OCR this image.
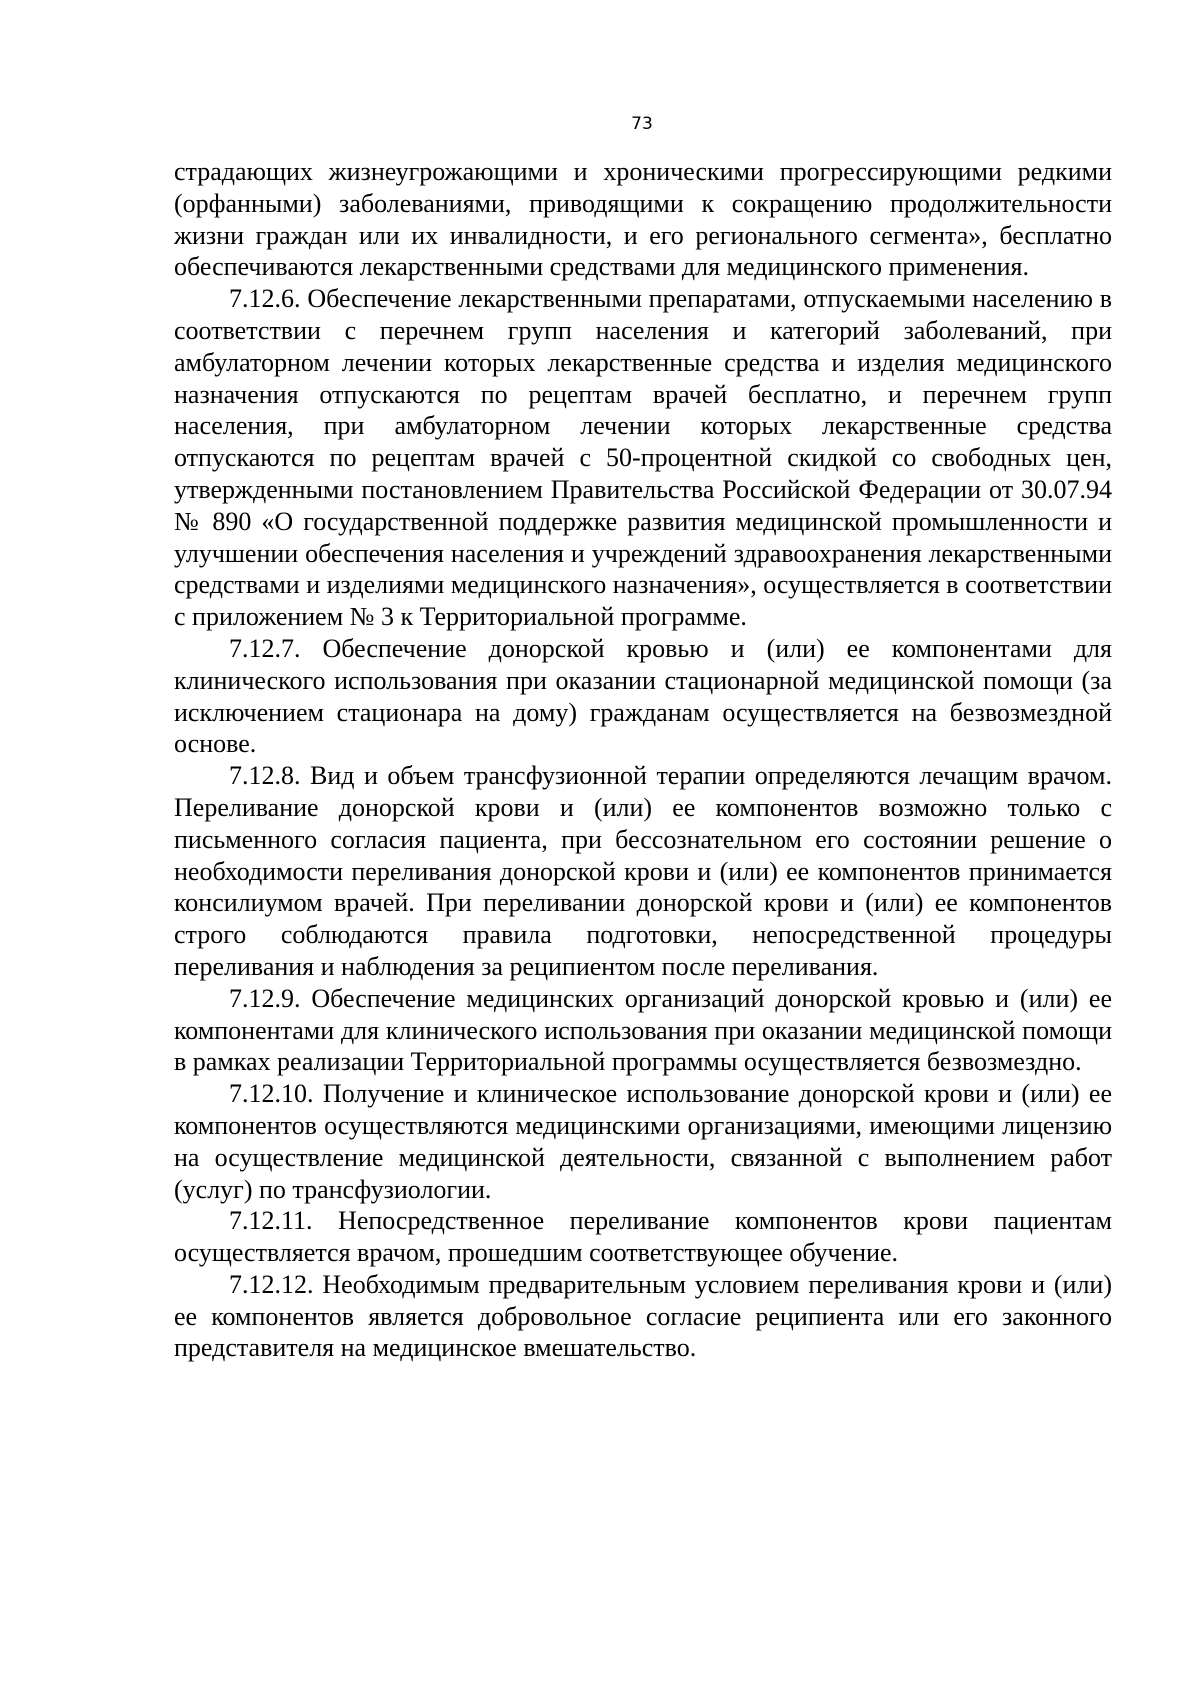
73

страдающих жизнеугрожающими и хроническими прогрессирующими редкими (орфанными) заболеваниями, приводящими к сокращению продолжительности жизни граждан или их инвалидности, и его регионального сегмента», бесплатно обеспечиваются лекарственными средствами для медицинского применения.

7.12.6. Обеспечение лекарственными препаратами, отпускаемыми населению в соответствии с перечнем групп населения и категорий заболеваний, при амбулаторном лечении которых лекарственные средства и изделия медицинского назначения отпускаются по рецептам врачей бесплатно, и перечнем групп населения, при амбулаторном лечении которых лекарственные средства отпускаются по рецептам врачей с 50-процентной скидкой со свободных цен, утвержденными постановлением Правительства Российской Федерации от 30.07.94 № 890 «О государственной поддержке развития медицинской промышленности и улучшении обеспечения населения и учреждений здравоохранения лекарственными средствами и изделиями медицинского назначения», осуществляется в соответствии с приложением № 3 к Территориальной программе.

7.12.7. Обеспечение донорской кровью и (или) ее компонентами для клинического использования при оказании стационарной медицинской помощи (за исключением стационара на дому) гражданам осуществляется на безвозмездной основе.

7.12.8. Вид и объем трансфузионной терапии определяются лечащим врачом. Переливание донорской крови и (или) ее компонентов возможно только с письменного согласия пациента, при бессознательном его состоянии решение о необходимости переливания донорской крови и (или) ее компонентов принимается консилиумом врачей. При переливании донорской крови и (или) ее компонентов строго соблюдаются правила подготовки, непосредственной процедуры переливания и наблюдения за реципиентом после переливания.

7.12.9. Обеспечение медицинских организаций донорской кровью и (или) ее компонентами для клинического использования при оказании медицинской помощи в рамках реализации Территориальной программы осуществляется безвозмездно.

7.12.10. Получение и клиническое использование донорской крови и (или) ее компонентов осуществляются медицинскими организациями, имеющими лицензию на осуществление медицинской деятельности, связанной с выполнением работ (услуг) по трансфузиологии.

7.12.11. Непосредственное переливание компонентов крови пациентам осуществляется врачом, прошедшим соответствующее обучение.

7.12.12. Необходимым предварительным условием переливания крови и (или) ее компонентов является добровольное согласие реципиента или его законного представителя на медицинское вмешательство.
